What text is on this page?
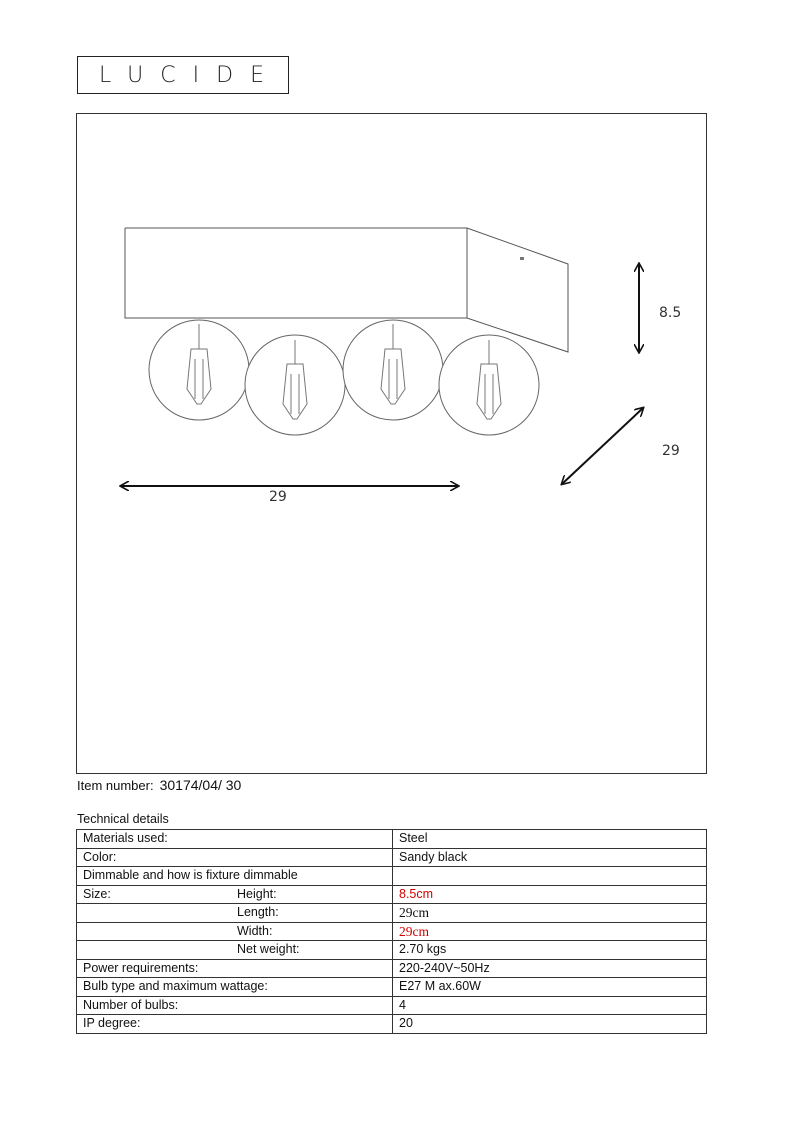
LUCIDE
8.5
29
29
Item number: 30174/04/ 30
Technical details
Materials used:	Steel
Color:	Sandy black
Dimmable and how is fixture dimmable	
Size: Height:	8.5cm

Length:	29cm

Width:	29cm

Net weight:	2.70 kgs
Power requirements:	220-240V~50Hz
Bulb type and maximum wattage:	E27 M ax.60W
Number of bulbs:	4
IP degree:	20
